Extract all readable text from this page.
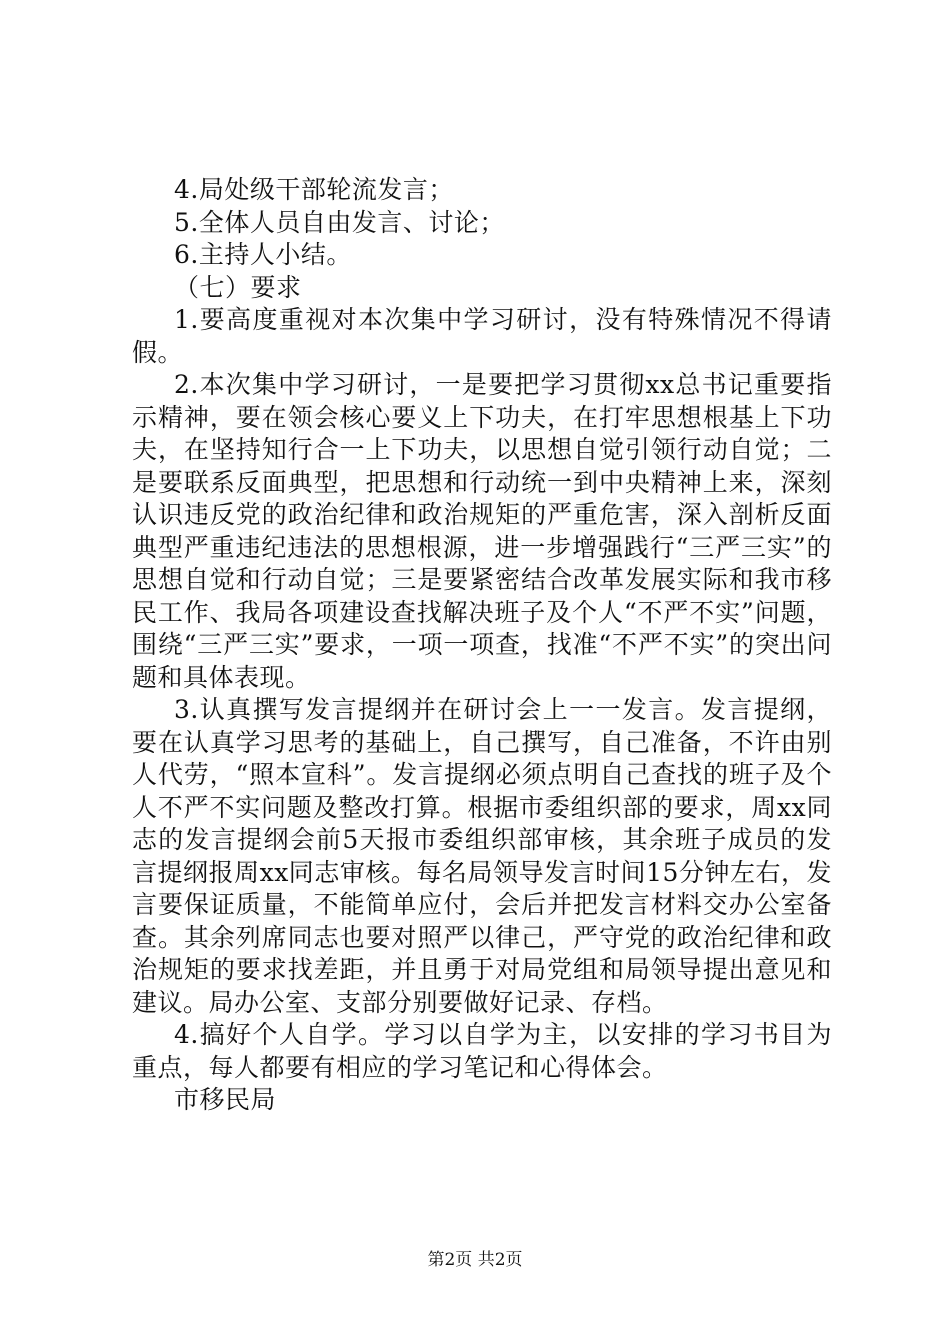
4.局处级干部轮流发言；

5.全体人员自由发言、讨论；

6.主持人小结。

（七）要求

1.要高度重视对本次集中学习研讨，没有特殊情况不得请假。

2.本次集中学习研讨，一是要把学习贯彻xx总书记重要指示精神，要在领会核心要义上下功夫，在打牢思想根基上下功夫，在坚持知行合一上下功夫，以思想自觉引领行动自觉；二是要联系反面典型，把思想和行动统一到中央精神上来，深刻认识违反党的政治纪律和政治规矩的严重危害，深入剖析反面典型严重违纪违法的思想根源，进一步增强践行“三严三实”的思想自觉和行动自觉；三是要紧密结合改革发展实际和我市移民工作、我局各项建设查找解决班子及个人“不严不实”问题，围绕“三严三实”要求，一项一项查，找准“不严不实”的突出问题和具体表现。

3.认真撰写发言提纲并在研讨会上一一发言。发言提纲，要在认真学习思考的基础上，自己撰写，自己准备，不许由别人代劳，“照本宣科”。发言提纲必须点明自己查找的班子及个人不严不实问题及整改打算。根据市委组织部的要求，周xx同志的发言提纲会前5天报市委组织部审核，其余班子成员的发言提纲报周xx同志审核。每名局领导发言时间15分钟左右，发言要保证质量，不能简单应付，会后并把发言材料交办公室备查。其余列席同志也要对照严以律己，严守党的政治纪律和政治规矩的要求找差距，并且勇于对局党组和局领导提出意见和建议。局办公室、支部分别要做好记录、存档。

4.搞好个人自学。学习以自学为主，以安排的学习书目为重点，每人都要有相应的学习笔记和心得体会。

市移民局

第2页 共2页
